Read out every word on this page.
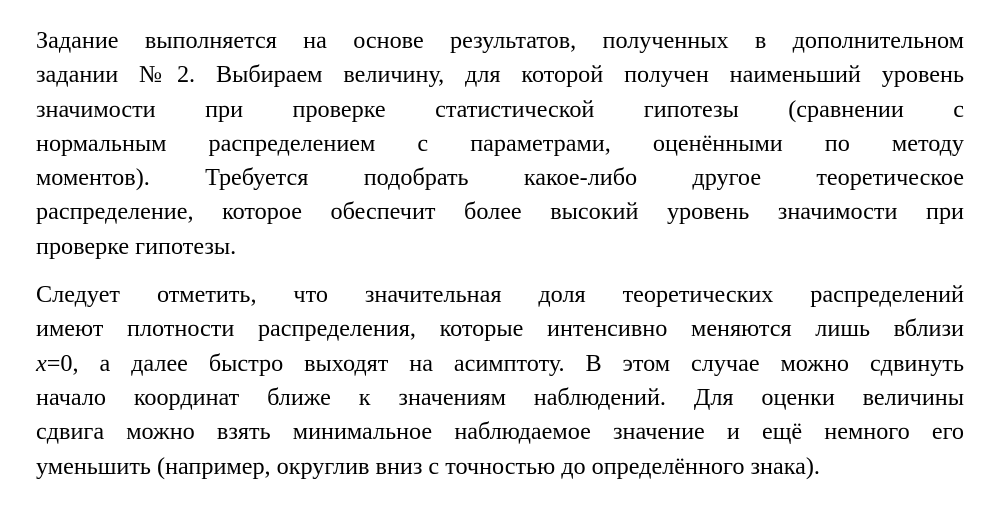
Задание выполняется на основе результатов, полученных в дополнительном
задании №2. Выбираем величину, для которой получен наименьший уровень
значимости при проверке статистической гипотезы (сравнении с
нормальным распределением с параметрами, оценёнными по методу
моментов). Требуется подобрать какое-либо другое теоретическое
распределение, которое обеспечит более высокий уровень значимости при
проверке гипотезы.

Следует отметить, что значительная доля теоретических распределений
имеют плотности распределения, которые интенсивно меняются лишь вблизи
x=0, а далее быстро выходят на асимптоту. В этом случае можно сдвинуть
начало координат ближе к значениям наблюдений. Для оценки величины
сдвига можно взять минимальное наблюдаемое значение и ещё немного его
уменьшить (например, округлив вниз с точностью до определённого знака).
